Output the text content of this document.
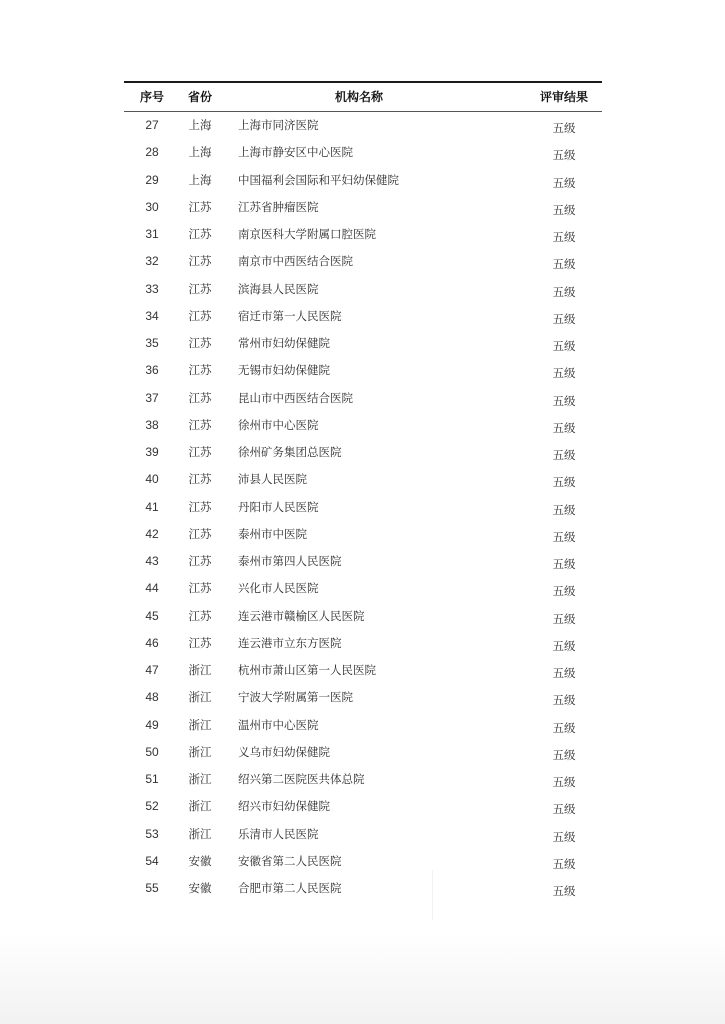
序号	省份	机构名称	评审结果
27	上海	上海市同济医院	五级
28	上海	上海市静安区中心医院	五级
29	上海	中国福利会国际和平妇幼保健院	五级
30	江苏	江苏省肿瘤医院	五级
31	江苏	南京医科大学附属口腔医院	五级
32	江苏	南京市中西医结合医院	五级
33	江苏	滨海县人民医院	五级
34	江苏	宿迁市第一人民医院	五级
35	江苏	常州市妇幼保健院	五级
36	江苏	无锡市妇幼保健院	五级
37	江苏	昆山市中西医结合医院	五级
38	江苏	徐州市中心医院	五级
39	江苏	徐州矿务集团总医院	五级
40	江苏	沛县人民医院	五级
41	江苏	丹阳市人民医院	五级
42	江苏	泰州市中医院	五级
43	江苏	泰州市第四人民医院	五级
44	江苏	兴化市人民医院	五级
45	江苏	连云港市赣榆区人民医院	五级
46	江苏	连云港市立东方医院	五级
47	浙江	杭州市萧山区第一人民医院	五级
48	浙江	宁波大学附属第一医院	五级
49	浙江	温州市中心医院	五级
50	浙江	义乌市妇幼保健院	五级
51	浙江	绍兴第二医院医共体总院	五级
52	浙江	绍兴市妇幼保健院	五级
53	浙江	乐清市人民医院	五级
54	安徽	安徽省第二人民医院	五级
55	安徽	合肥市第二人民医院	五级
